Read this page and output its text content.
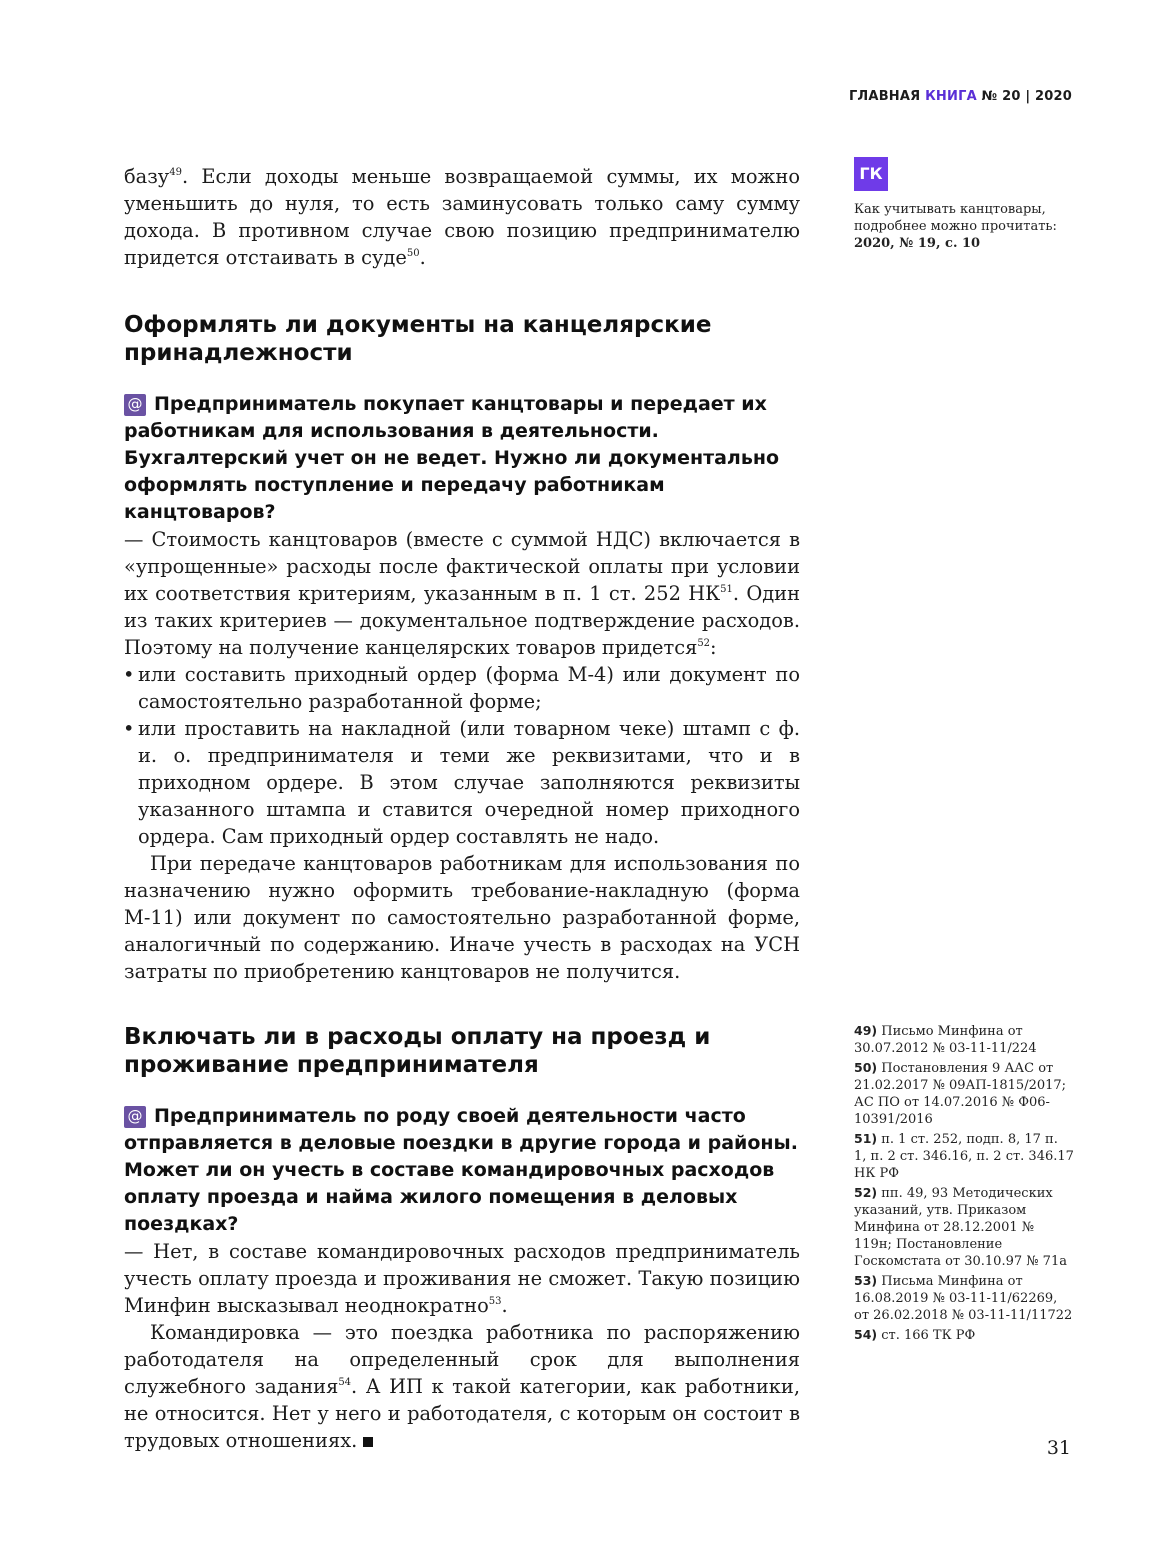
ГЛАВНАЯ КНИГА № 20 | 2020

базу$^{49}$. Если доходы меньше возвращаемой суммы, их можно уменьшить до нуля, то есть заминусовать только саму сумму дохода. В противном случае свою позицию предпринимателю придется отстаивать в суде$^{50}$.

Оформлять ли документы на канцелярские принадлежности

@ Предприниматель покупает канцтовары и передает их работникам для использования в деятельности. Бухгалтерский учет он не ведет. Нужно ли документально оформлять поступление и передачу работникам канцтоваров?

— Стоимость канцтоваров (вместе с суммой НДС) включается в «упрощенные» расходы после фактической оплаты при условии их соответствия критериям, указанным в п. 1 ст. 252 НК$^{51}$. Один из таких критериев — документальное подтверждение расходов. Поэтому на получение канцелярских товаров придется$^{52}$:

• или составить приходный ордер (форма М-4) или документ по самостоятельно разработанной форме;
• или проставить на накладной (или товарном чеке) штамп с ф. и. о. предпринимателя и теми же реквизитами, что и в приходном ордере. В этом случае заполняются реквизиты указанного штампа и ставится очередной номер приходного ордера. Сам приходный ордер составлять не надо.

При передаче канцтоваров работникам для использования по назначению нужно оформить требование-накладную (форма М-11) или документ по самостоятельно разработанной форме, аналогичный по содержанию. Иначе учесть в расходах на УСН затраты по приобретению канцтоваров не получится.

Включать ли в расходы оплату на проезд и проживание предпринимателя

@ Предприниматель по роду своей деятельности часто отправляется в деловые поездки в другие города и районы. Может ли он учесть в составе командировочных расходов оплату проезда и найма жилого помещения в деловых поездках?

— Нет, в составе командировочных расходов предприниматель учесть оплату проезда и проживания не сможет. Такую позицию Минфин высказывал неоднократно$^{53}$.

Командировка — это поездка работника по распоряжению работодателя на определенный срок для выполнения служебного задания$^{54}$. А ИП к такой категории, как работники, не относится. Нет у него и работодателя, с которым он состоит в трудовых отношениях.

ГК
Как учитывать канцтовары, подробнее можно прочитать:
2020, № 19, с. 10

49) Письмо Минфина от 30.07.2012 № 03-11-11/224

50) Постановления 9 ААС от 21.02.2017 № 09АП-1815/2017; АС ПО от 14.07.2016 № Ф06-10391/2016

51) п. 1 ст. 252, подп. 8, 17 п. 1, п. 2 ст. 346.16, п. 2 ст. 346.17 НК РФ

52) пп. 49, 93 Методических указаний, утв. Приказом Минфина от 28.12.2001 № 119н; Постановление Госкомстата от 30.10.97 № 71а

53) Письма Минфина от 16.08.2019 № 03-11-11/62269, от 26.02.2018 № 03-11-11/11722

54) ст. 166 ТК РФ

31
